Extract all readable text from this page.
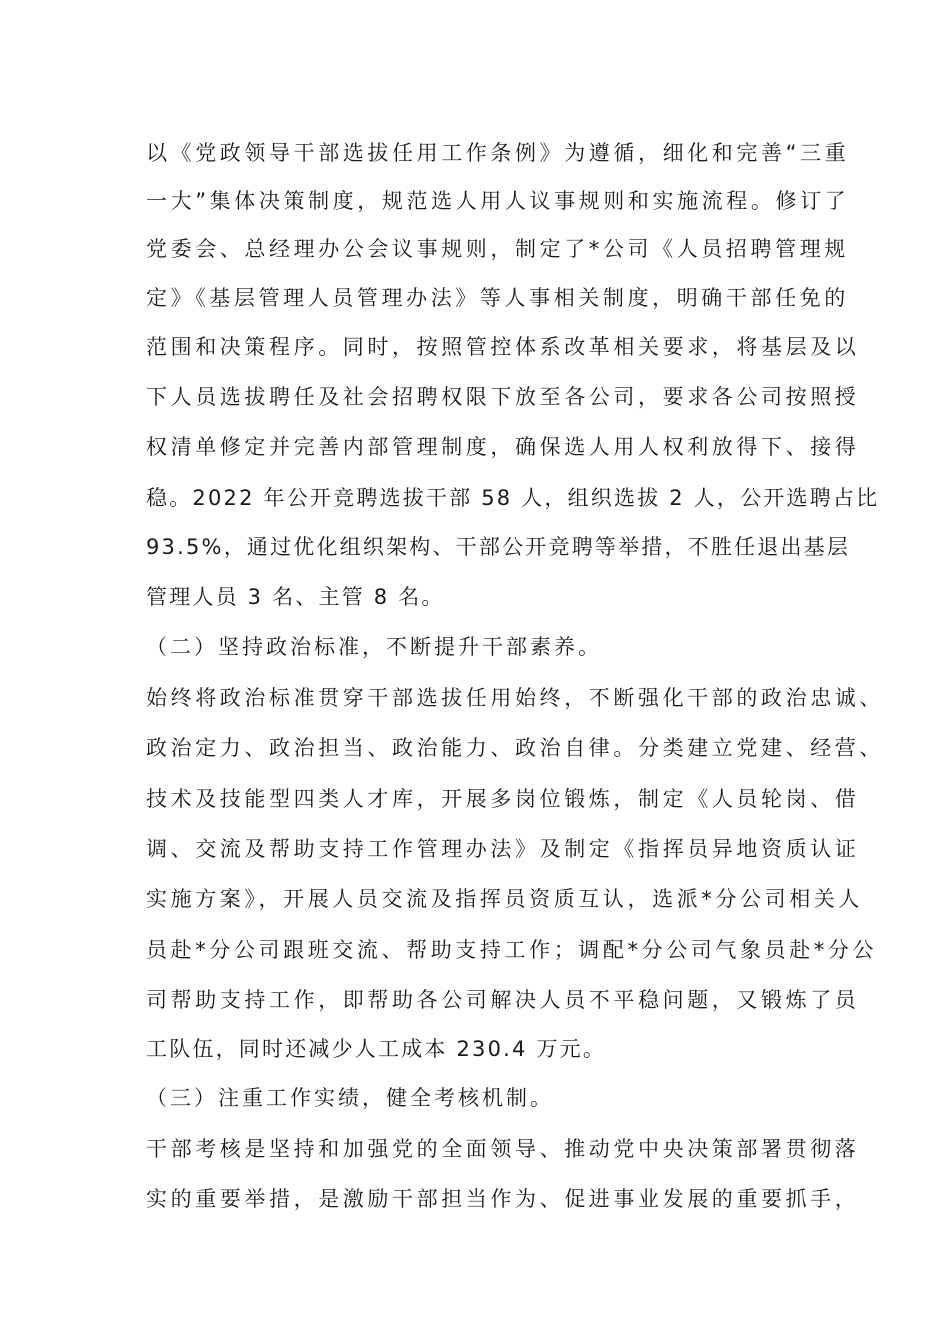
以《党政领导干部选拔任用工作条例》为遵循，细化和完善“三重
一大”集体决策制度，规范选人用人议事规则和实施流程。修订了
党委会、总经理办公会议事规则，制定了*公司《人员招聘管理规
定》《基层管理人员管理办法》等人事相关制度，明确干部任免的
范围和决策程序。同时，按照管控体系改革相关要求，将基层及以
下人员选拔聘任及社会招聘权限下放至各公司，要求各公司按照授
权清单修定并完善内部管理制度，确保选人用人权利放得下、接得
稳。2022 年公开竞聘选拔干部 58 人，组织选拔 2 人，公开选聘占比
93.5%，通过优化组织架构、干部公开竞聘等举措，不胜任退出基层
管理人员 3 名、主管 8 名。
（二）坚持政治标准，不断提升干部素养。
始终将政治标准贯穿干部选拔任用始终，不断强化干部的政治忠诚、
政治定力、政治担当、政治能力、政治自律。分类建立党建、经营、
技术及技能型四类人才库，开展多岗位锻炼，制定《人员轮岗、借
调、交流及帮助支持工作管理办法》及制定《指挥员异地资质认证
实施方案》，开展人员交流及指挥员资质互认，选派*分公司相关人
员赴*分公司跟班交流、帮助支持工作；调配*分公司气象员赴*分公
司帮助支持工作，即帮助各公司解决人员不平稳问题，又锻炼了员
工队伍，同时还减少人工成本 230.4 万元。
（三）注重工作实绩，健全考核机制。
干部考核是坚持和加强党的全面领导、推动党中央决策部署贯彻落
实的重要举措，是激励干部担当作为、促进事业发展的重要抓手，
